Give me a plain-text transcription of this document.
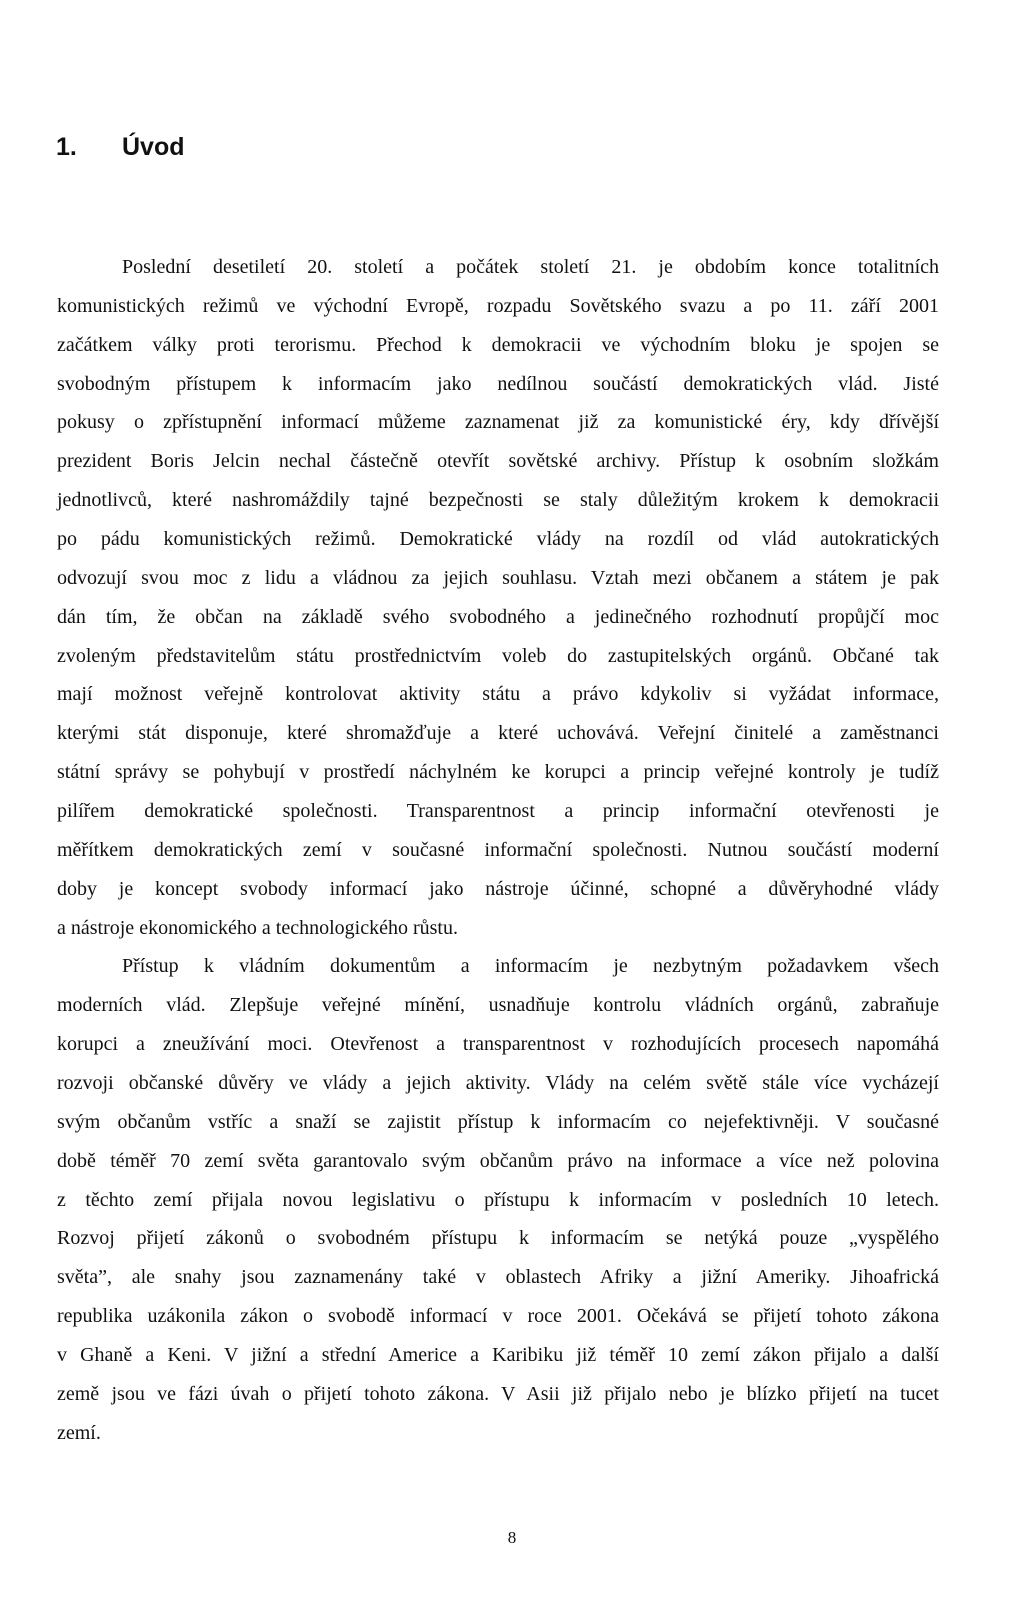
1. Úvod
Poslední desetiletí 20. století a počátek století 21. je obdobím konce totalitních
komunistických režimů ve východní Evropě, rozpadu Sovětského svazu a po 11. září 2001
začátkem války proti terorismu. Přechod k demokracii ve východním bloku je spojen se
svobodným přístupem k informacím jako nedílnou součástí demokratických vlád. Jisté
pokusy o zpřístupnění informací můžeme zaznamenat již za komunistické éry, kdy dřívější
prezident Boris Jelcin nechal částečně otevřít sovětské archivy. Přístup k osobním složkám
jednotlivců, které nashromáždily tajné bezpečnosti se staly důležitým krokem k demokracii
po pádu komunistických režimů. Demokratické vlády na rozdíl od vlád autokratických
odvozují svou moc z lidu a vládnou za jejich souhlasu. Vztah mezi občanem a státem je pak
dán tím, že občan na základě svého svobodného a jedinečného rozhodnutí propůjčí moc
zvoleným představitelům státu prostřednictvím voleb do zastupitelských orgánů. Občané tak
mají možnost veřejně kontrolovat aktivity státu a právo kdykoliv si vyžádat informace,
kterými stát disponuje, které shromažďuje a které uchovává. Veřejní činitelé a zaměstnanci
státní správy se pohybují v prostředí náchylném ke korupci a princip veřejné kontroly je tudíž
pilířem demokratické společnosti. Transparentnost a princip informační otevřenosti je
měřítkem demokratických zemí v současné informační společnosti. Nutnou součástí moderní
doby je koncept svobody informací jako nástroje účinné, schopné a důvěryhodné vlády
a nástroje ekonomického a technologického růstu.
Přístup k vládním dokumentům a informacím je nezbytným požadavkem všech
moderních vlád. Zlepšuje veřejné mínění, usnadňuje kontrolu vládních orgánů, zabraňuje
korupci a zneužívání moci. Otevřenost a transparentnost v rozhodujících procesech napomáhá
rozvoji občanské důvěry ve vlády a jejich aktivity. Vlády na celém světě stále více vycházejí
svým občanům vstříc a snaží se zajistit přístup k informacím co nejefektivněji. V současné
době téměř 70 zemí světa garantovalo svým občanům právo na informace a více než polovina
z těchto zemí přijala novou legislativu o přístupu k informacím v posledních 10 letech.
Rozvoj přijetí zákonů o svobodném přístupu k informacím se netýká pouze „vyspělého
světa”, ale snahy jsou zaznamenány také v oblastech Afriky a jižní Ameriky. Jihoafrická
republika uzákonila zákon o svobodě informací v roce 2001. Očekává se přijetí tohoto zákona
v Ghaně a Keni. V jižní a střední Americe a Karibiku již téměř 10 zemí zákon přijalo a další
země jsou ve fázi úvah o přijetí tohoto zákona. V Asii již přijalo nebo je blízko přijetí na tucet
zemí.
8
